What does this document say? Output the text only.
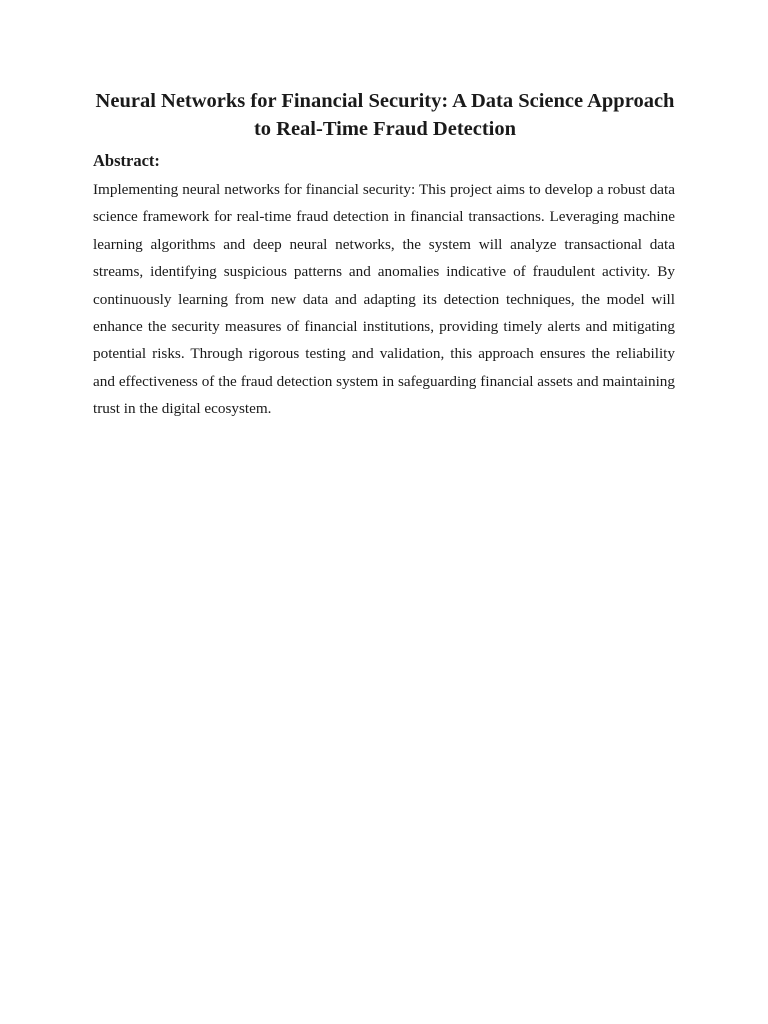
Neural Networks for Financial Security: A Data Science Approach to Real-Time Fraud Detection
Abstract:

Implementing neural networks for financial security: This project aims to develop a robust data science framework for real-time fraud detection in financial transactions. Leveraging machine learning algorithms and deep neural networks, the system will analyze transactional data streams, identifying suspicious patterns and anomalies indicative of fraudulent activity. By continuously learning from new data and adapting its detection techniques, the model will enhance the security measures of financial institutions, providing timely alerts and mitigating potential risks. Through rigorous testing and validation, this approach ensures the reliability and effectiveness of the fraud detection system in safeguarding financial assets and maintaining trust in the digital ecosystem.
